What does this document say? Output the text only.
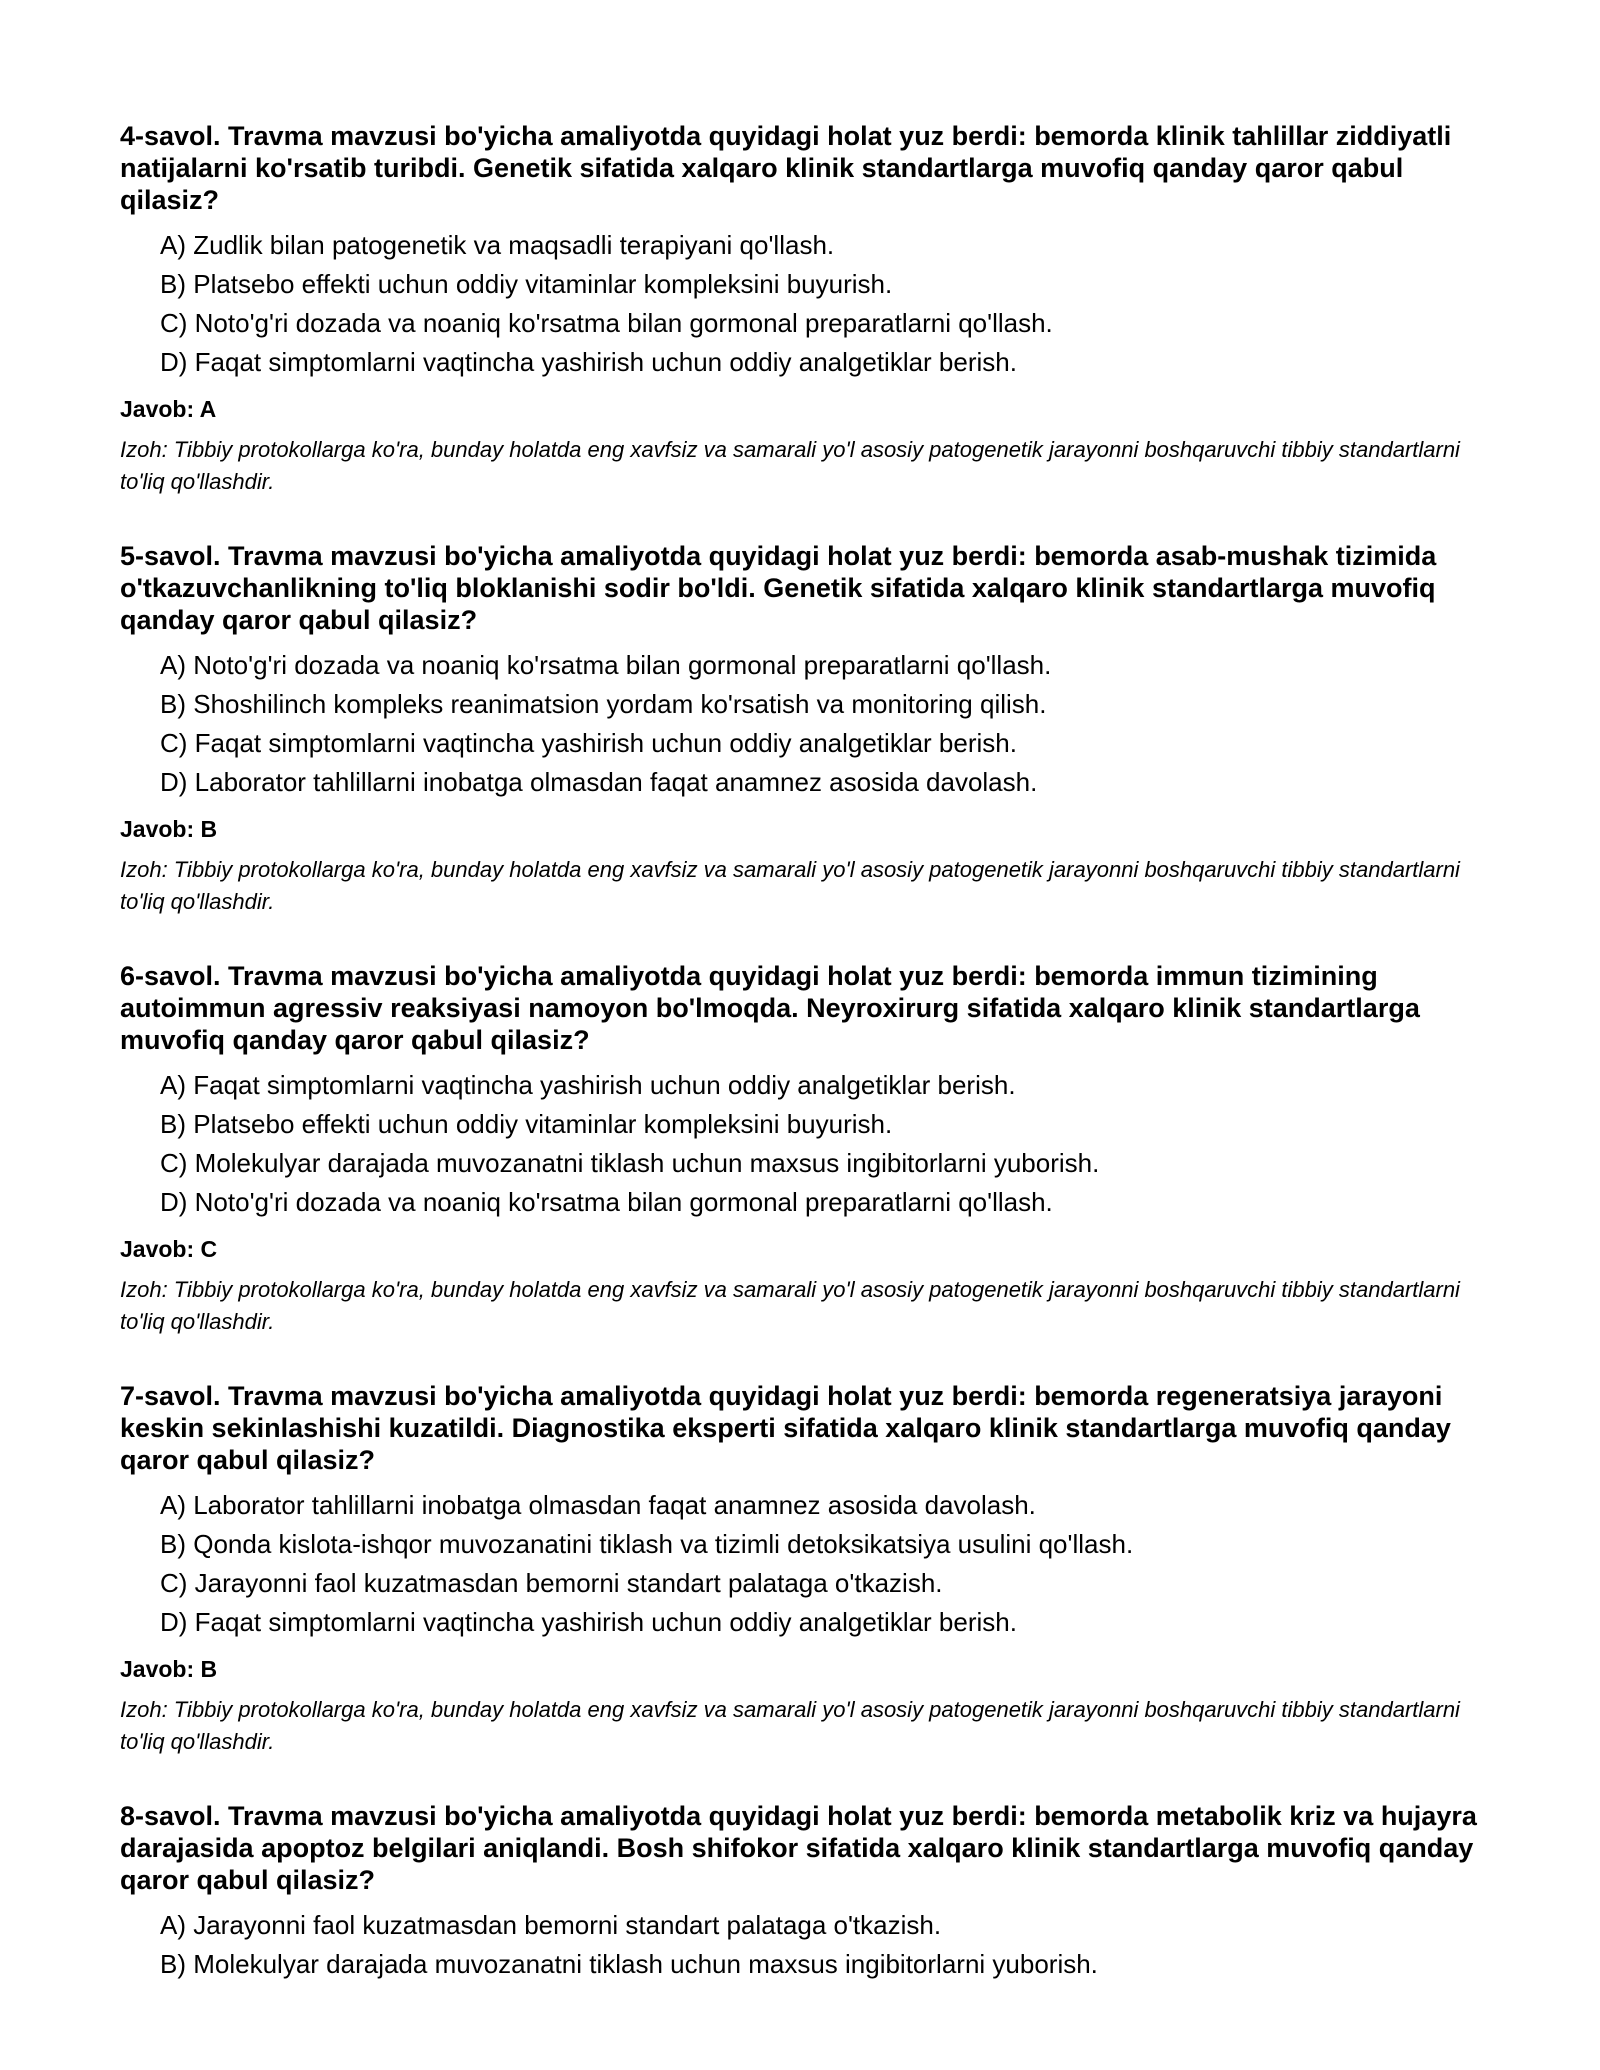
4-savol. Travma mavzusi bo'yicha amaliyotda quyidagi holat yuz berdi: bemorda klinik tahlillar ziddiyatli natijalarni ko'rsatib turibdi. Genetik sifatida xalqaro klinik standartlarga muvofiq qanday qaror qabul qilasiz?

A) Zudlik bilan patogenetik va maqsadli terapiyani qo'llash.
B) Platsebo effekti uchun oddiy vitaminlar kompleksini buyurish.
C) Noto'g'ri dozada va noaniq ko'rsatma bilan gormonal preparatlarni qo'llash.
D) Faqat simptomlarni vaqtincha yashirish uchun oddiy analgetiklar berish.

Javob: A

Izoh: Tibbiy protokollarga ko'ra, bunday holatda eng xavfsiz va samarali yo'l asosiy patogenetik jarayonni boshqaruvchi tibbiy standartlarni to'liq qo'llashdir.

5-savol. Travma mavzusi bo'yicha amaliyotda quyidagi holat yuz berdi: bemorda asab-mushak tizimida o'tkazuvchanlikning to'liq bloklanishi sodir bo'ldi. Genetik sifatida xalqaro klinik standartlarga muvofiq qanday qaror qabul qilasiz?

A) Noto'g'ri dozada va noaniq ko'rsatma bilan gormonal preparatlarni qo'llash.
B) Shoshilinch kompleks reanimatsion yordam ko'rsatish va monitoring qilish.
C) Faqat simptomlarni vaqtincha yashirish uchun oddiy analgetiklar berish.
D) Laborator tahlillarni inobatga olmasdan faqat anamnez asosida davolash.

Javob: B

Izoh: Tibbiy protokollarga ko'ra, bunday holatda eng xavfsiz va samarali yo'l asosiy patogenetik jarayonni boshqaruvchi tibbiy standartlarni to'liq qo'llashdir.

6-savol. Travma mavzusi bo'yicha amaliyotda quyidagi holat yuz berdi: bemorda immun tizimining autoimmun agressiv reaksiyasi namoyon bo'lmoqda. Neyroxirurg sifatida xalqaro klinik standartlarga muvofiq qanday qaror qabul qilasiz?

A) Faqat simptomlarni vaqtincha yashirish uchun oddiy analgetiklar berish.
B) Platsebo effekti uchun oddiy vitaminlar kompleksini buyurish.
C) Molekulyar darajada muvozanatni tiklash uchun maxsus ingibitorlarni yuborish.
D) Noto'g'ri dozada va noaniq ko'rsatma bilan gormonal preparatlarni qo'llash.

Javob: C

Izoh: Tibbiy protokollarga ko'ra, bunday holatda eng xavfsiz va samarali yo'l asosiy patogenetik jarayonni boshqaruvchi tibbiy standartlarni to'liq qo'llashdir.

7-savol. Travma mavzusi bo'yicha amaliyotda quyidagi holat yuz berdi: bemorda regeneratsiya jarayoni keskin sekinlashishi kuzatildi. Diagnostika eksperti sifatida xalqaro klinik standartlarga muvofiq qanday qaror qabul qilasiz?

A) Laborator tahlillarni inobatga olmasdan faqat anamnez asosida davolash.
B) Qonda kislota-ishqor muvozanatini tiklash va tizimli detoksikatsiya usulini qo'llash.
C) Jarayonni faol kuzatmasdan bemorni standart palataga o'tkazish.
D) Faqat simptomlarni vaqtincha yashirish uchun oddiy analgetiklar berish.

Javob: B

Izoh: Tibbiy protokollarga ko'ra, bunday holatda eng xavfsiz va samarali yo'l asosiy patogenetik jarayonni boshqaruvchi tibbiy standartlarni to'liq qo'llashdir.

8-savol. Travma mavzusi bo'yicha amaliyotda quyidagi holat yuz berdi: bemorda metabolik kriz va hujayra darajasida apoptoz belgilari aniqlandi. Bosh shifokor sifatida xalqaro klinik standartlarga muvofiq qanday qaror qabul qilasiz?

A) Jarayonni faol kuzatmasdan bemorni standart palataga o'tkazish.
B) Molekulyar darajada muvozanatni tiklash uchun maxsus ingibitorlarni yuborish.
